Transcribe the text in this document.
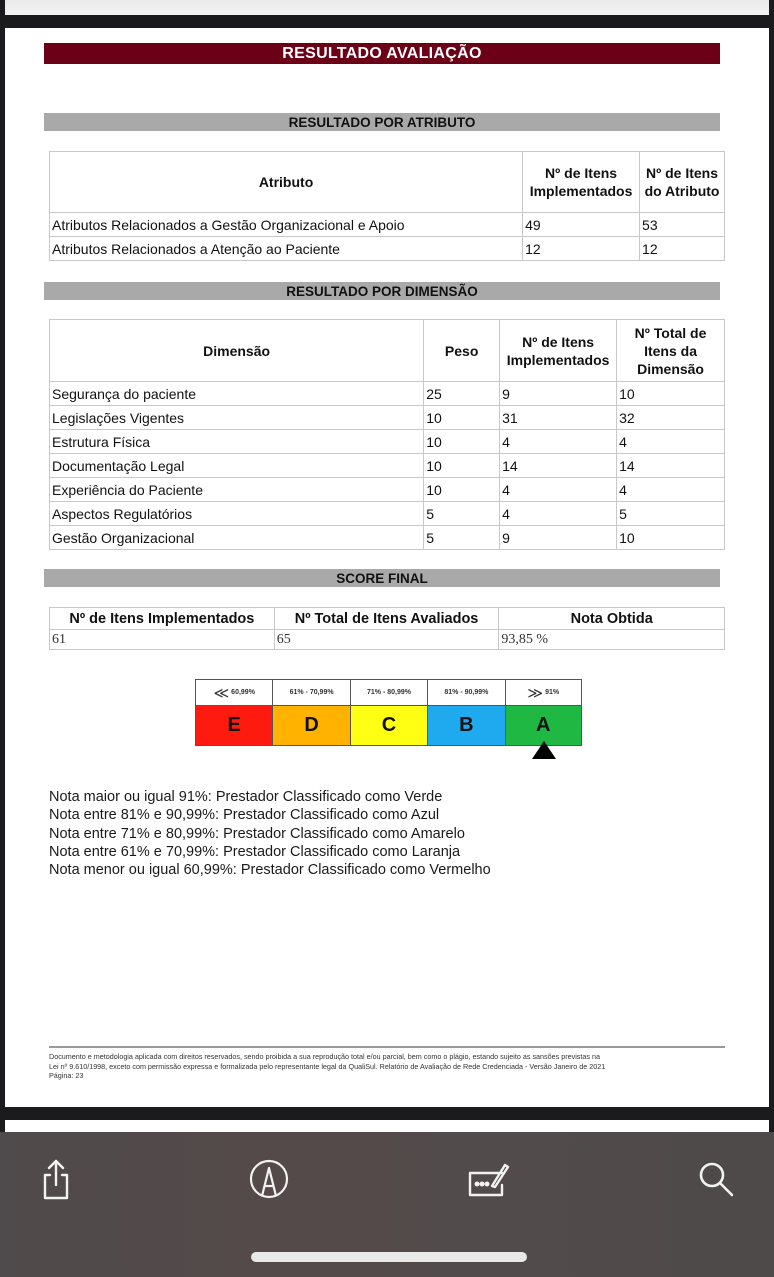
RESULTADO AVALIAÇÃO
RESULTADO POR ATRIBUTO
Atributo	Nº de Itens Implementados	Nº de Itens do Atributo
Atributos Relacionados a Gestão Organizacional e Apoio	49	53
Atributos Relacionados a Atenção ao Paciente	12	12
RESULTADO POR DIMENSÃO
Dimensão	Peso	Nº de Itens Implementados	Nº Total de Itens da Dimensão
Segurança do paciente	25	9	10
Legislações Vigentes	10	31	32
Estrutura Física	10	4	4
Documentação Legal	10	14	14
Experiência do Paciente	10	4	4
Aspectos Regulatórios	5	4	5
Gestão Organizacional	5	9	10
SCORE FINAL
Nº de Itens Implementados	Nº Total de Itens Avaliados	Nota Obtida
61	65	93,85 %
≪ 60,99%	61% - 70,99%	71% - 80,99%	81% - 90,99%	≫ 91%
E	D	C	B	A
Nota maior ou igual 91%: Prestador Classificado como Verde
Nota entre 81% e 90,99%: Prestador Classificado como Azul
Nota entre 71% e 80,99%: Prestador Classificado como Amarelo
Nota entre 61% e 70,99%: Prestador Classificado como Laranja
Nota menor ou igual 60,99%: Prestador Classificado como Vermelho
Documento e metodologia aplicada com direitos reservados, sendo proibida a sua reprodução total e/ou parcial, bem como o plágio, estando sujeito as sansões previstas na
Lei nº 9.610/1998, exceto com permissão expressa e formalizada pelo representante legal da QualiSul. Relatório de Avaliação de Rede Credenciada - Versão Janeiro de 2021
Página: 23
